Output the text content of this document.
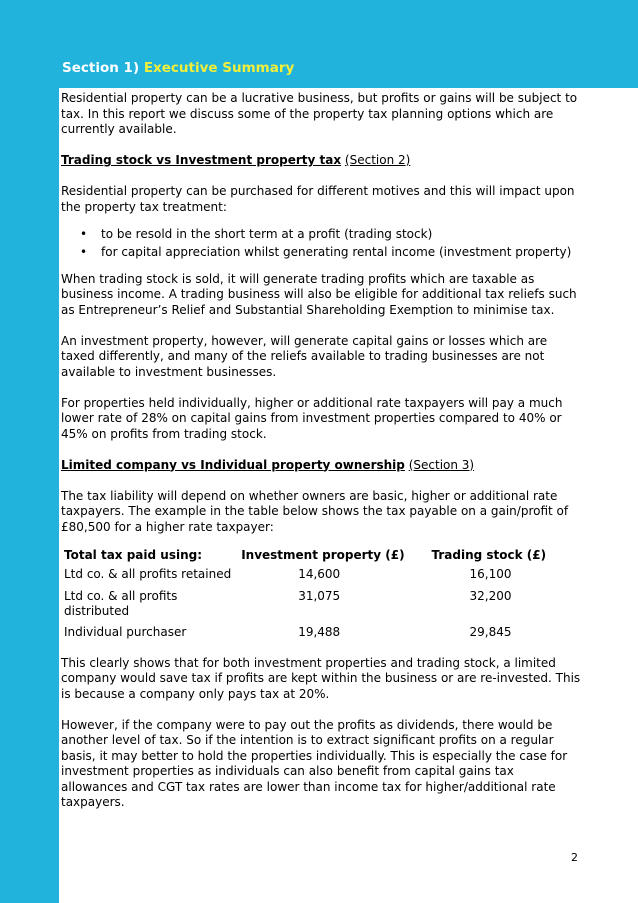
Section 1) Executive Summary

Residential property can be a lucrative business, but profits or gains will be subject to tax. In this report we discuss some of the property tax planning options which are currently available.

Trading stock vs Investment property tax (Section 2)

Residential property can be purchased for different motives and this will impact upon the property tax treatment:

• to be resold in the short term at a profit (trading stock)
• for capital appreciation whilst generating rental income (investment property)

When trading stock is sold, it will generate trading profits which are taxable as business income. A trading business will also be eligible for additional tax reliefs such as Entrepreneur’s Relief and Substantial Shareholding Exemption to minimise tax.

An investment property, however, will generate capital gains or losses which are taxed differently, and many of the reliefs available to trading businesses are not available to investment businesses.

For properties held individually, higher or additional rate taxpayers will pay a much lower rate of 28% on capital gains from investment properties compared to 40% or 45% on profits from trading stock.

Limited company vs Individual property ownership (Section 3)

The tax liability will depend on whether owners are basic, higher or additional rate taxpayers. The example in the table below shows the tax payable on a gain/profit of £80,500 for a higher rate taxpayer:

Total tax paid using:	Investment property (£)	Trading stock (£)
Ltd co. & all profits retained	14,600	16,100
Ltd co. & all profits distributed	31,075	32,200
Individual purchaser	19,488	29,845

This clearly shows that for both investment properties and trading stock, a limited company would save tax if profits are kept within the business or are re-invested. This is because a company only pays tax at 20%.

However, if the company were to pay out the profits as dividends, there would be another level of tax. So if the intention is to extract significant profits on a regular basis, it may better to hold the properties individually. This is especially the case for investment properties as individuals can also benefit from capital gains tax allowances and CGT tax rates are lower than income tax for higher/additional rate taxpayers.

2
